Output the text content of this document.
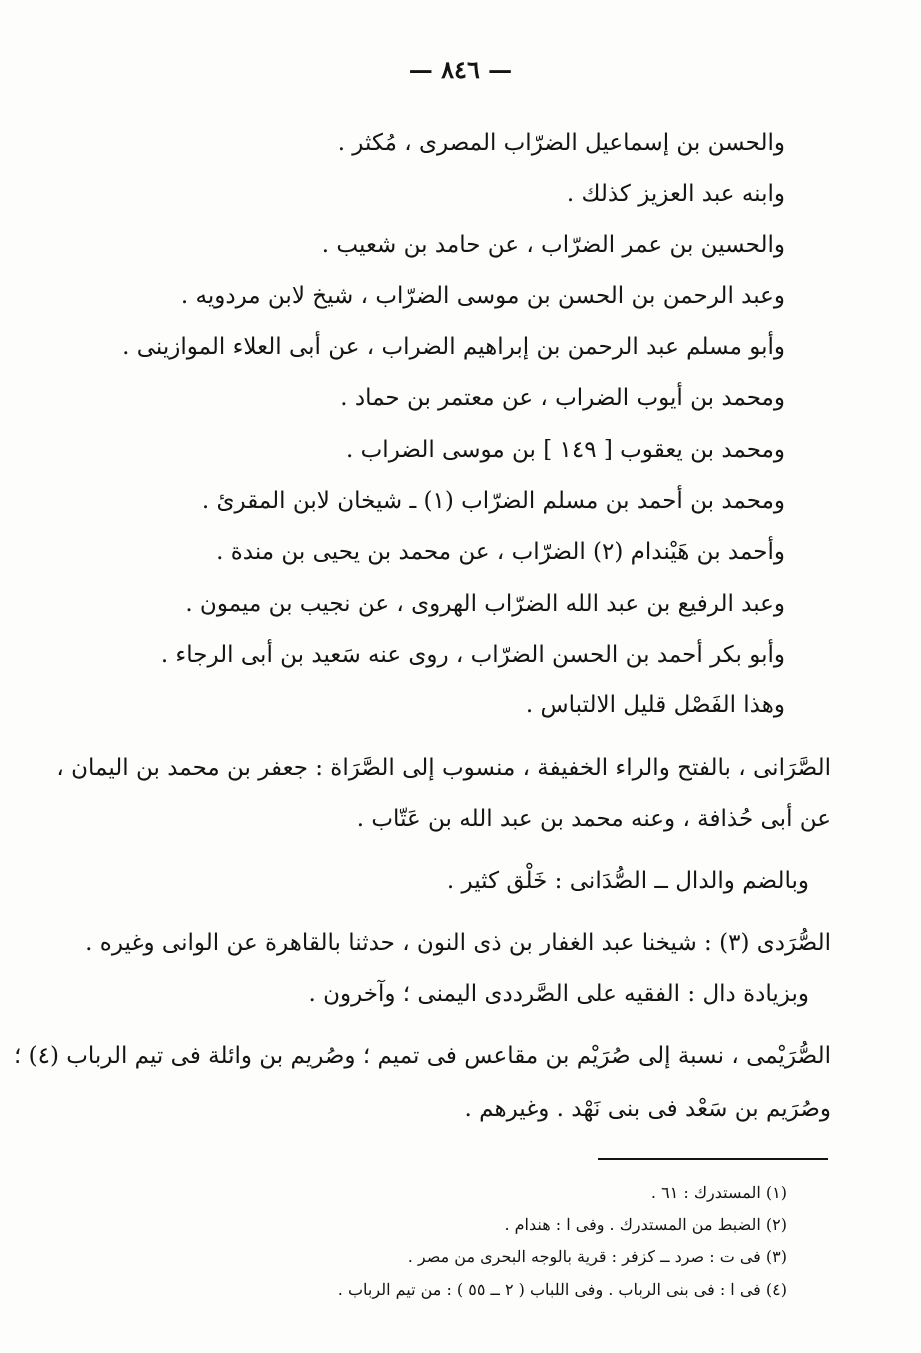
— ٨٤٦ —
والحسن بن إسماعيل الضرّاب المصرى ، مُكثر .
وابنه عبد العزيز كذلك .
والحسين بن عمر الضرّاب ، عن حامد بن شعيب .
وعبد الرحمن بن الحسن بن موسى الضرّاب ، شيخ لابن مردويه .
وأبو مسلم عبد الرحمن بن إبراهيم الضراب ، عن أبى العلاء الموازينى .
ومحمد بن أيوب الضراب ، عن معتمر بن حماد .
ومحمد بن يعقوب [ ١٤٩ ] بن موسى الضراب .
ومحمد بن أحمد بن مسلم الضرّاب (١) ـ شيخان لابن المقرئ .
وأحمد بن هَيْندام (٢) الضرّاب ، عن محمد بن يحيى بن مندة .
وعبد الرفيع بن عبد الله الضرّاب الهروى ، عن نجيب بن ميمون .
وأبو بكر أحمد بن الحسن الضرّاب ، روى عنه سَعيد بن أبى الرجاء .
وهذا الفَصْل قليل الالتباس .
الصَّرَانى ، بالفتح والراء الخفيفة ، منسوب إلى الصَّرَاة : جعفر بن محمد بن اليمان ،
عن أبى حُذافة ، وعنه محمد بن عبد الله بن عَتّاب .
وبالضم والدال ــ الصُّدَانى : خَلْق كثير .
الصُّرَدى (٣) : شيخنا عبد الغفار بن ذى النون ، حدثنا بالقاهرة عن الوانى وغيره .
وبزيادة دال : الفقيه على الصَّرددى اليمنى ؛ وآخرون .
الصُّرَيْمى ، نسبة إلى صُرَيْم بن مقاعس فى تميم ؛ وصُريم بن وائلة فى تيم الرباب (٤) ؛
وصُرَيم بن سَعْد فى بنى نَهْد . وغيرهم .
(١) المستدرك : ٦١ .
(٢) الضبط من المستدرك . وفى ا : هندام .
(٣) فى ت : صرد ــ كزفر : قرية بالوجه البحرى من مصر .
(٤) فى ا : فى بنى الرباب . وفى اللباب ( ٢ ــ ٥٥ ) : من تيم الرباب .
